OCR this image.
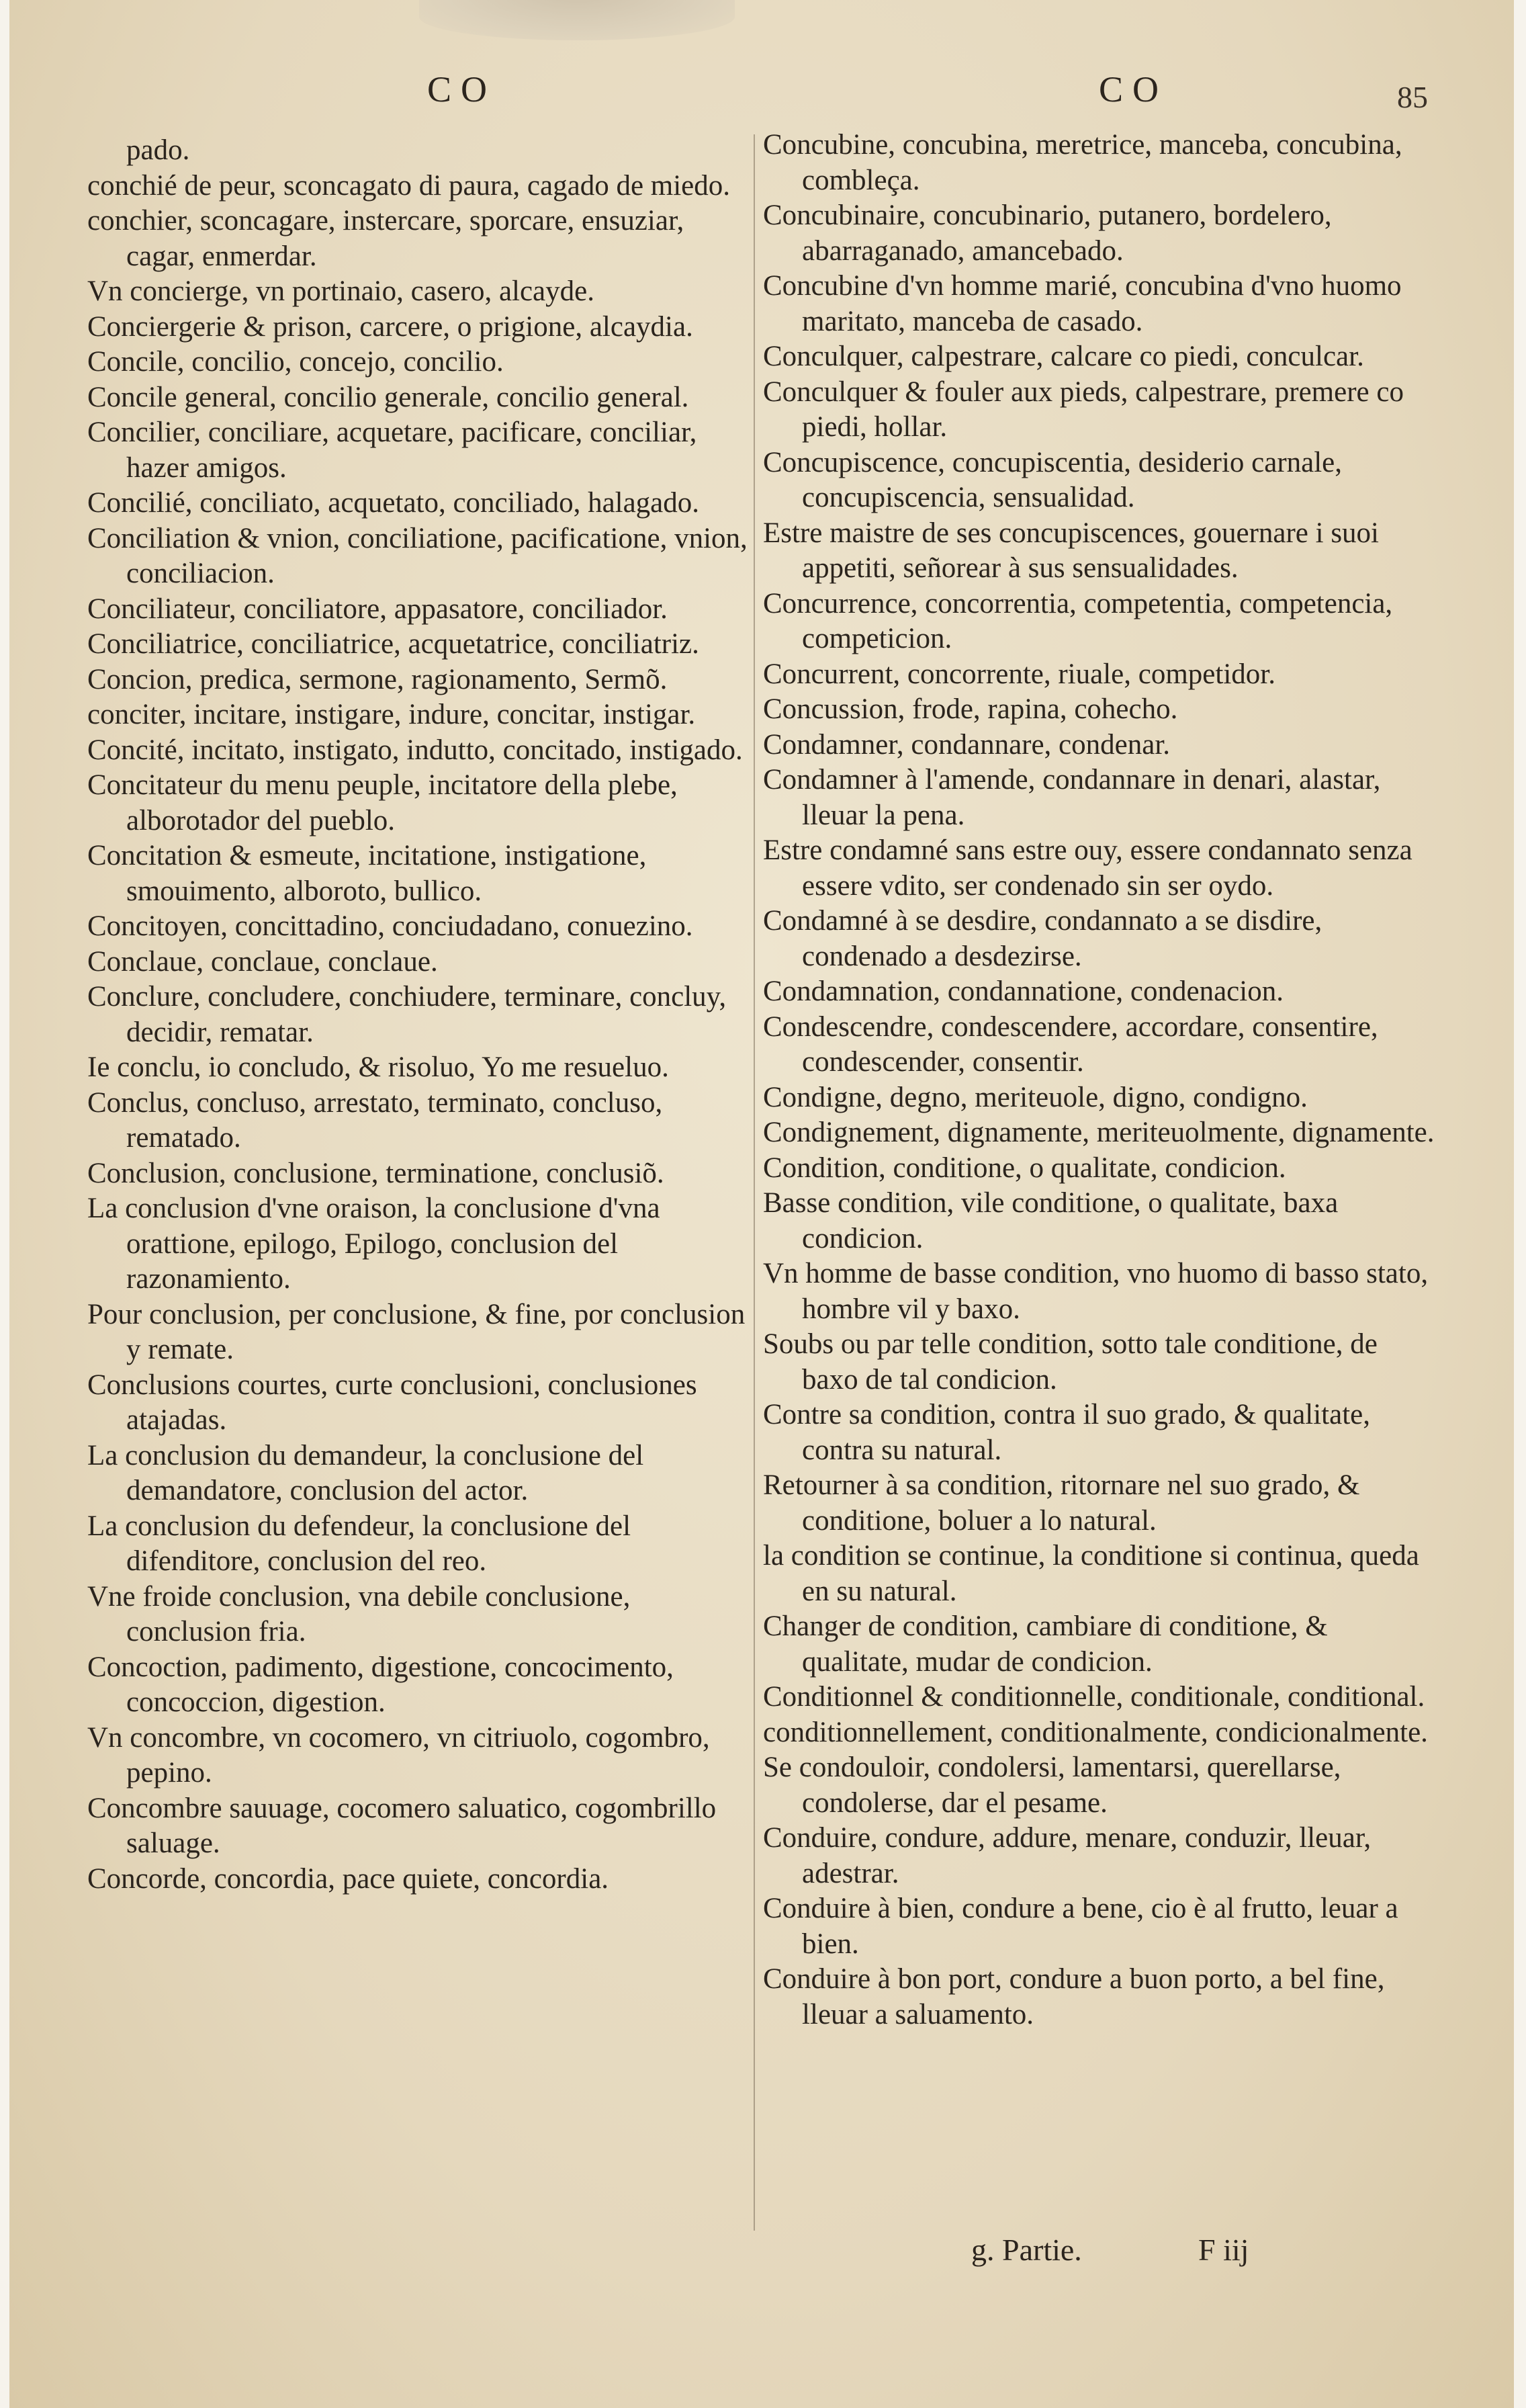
CO	CO	85
pado.
conchié de peur, sconcagato di paura, cagado de miedo.
conchier, sconcagare, instercare, sporcare, ensuziar, cagar, enmerdar.
Vn concierge, vn portinaio, casero, alcayde.
Conciergerie & prison, carcere, o prigione, alcaydia.
Concile, concilio, concejo, concilio.
Concile general, concilio generale, concilio general.
Concilier, conciliare, acquetare, pacificare, conciliar, hazer amigos.
Concilié, conciliato, acquetato, conciliado, halagado.
Conciliation & vnion, conciliatione, pacificatione, vnion, conciliacion.
Conciliateur, conciliatore, appasatore, conciliador.
Conciliatrice, conciliatrice, acquetatrice, conciliatriz.
Concion, predica, sermone, ragionamento, Sermõ.
conciter, incitare, instigare, indure, concitar, instigar.
Concité, incitato, instigato, indutto, concitado, instigado.
Concitateur du menu peuple, incitatore della plebe, alborotador del pueblo.
Concitation & esmeute, incitatione, instigatione, smouimento, alboroto, bullico.
Concitoyen, concittadino, conciudadano, conuezino.
Conclaue, conclaue, conclaue.
Conclure, concludere, conchiudere, terminare, concluy, decidir, rematar.
Ie conclu, io concludo, & risoluo, Yo me resueluo.
Conclus, concluso, arrestato, terminato, concluso, rematado.
Conclusion, conclusione, terminatione, conclusiõ.
La conclusion d'vne oraison, la conclusione d'vna orattione, epilogo, Epilogo, conclusion del razonamiento.
Pour conclusion, per conclusione, & fine, por conclusion y remate.
Conclusions courtes, curte conclusioni, conclusiones atajadas.
La conclusion du demandeur, la conclusione del demandatore, conclusion del actor.
La conclusion du defendeur, la conclusione del difenditore, conclusion del reo.
Vne froide conclusion, vna debile conclusione, conclusion fria.
Concoction, padimento, digestione, concocimento, concoccion, digestion.
Vn concombre, vn cocomero, vn citriuolo, cogombro, pepino.
Concombre sauuage, cocomero saluatico, cogombrillo saluage.
Concorde, concordia, pace quiete, concordia.
Concubine, concubina, meretrice, manceba, concubina, combleça.
Concubinaire, concubinario, putanero, bordelero, abarraganado, amancebado.
Concubine d'vn homme marié, concubina d'vno huomo maritato, manceba de casado.
Conculquer, calpestrare, calcare co piedi, conculcar.
Conculquer & fouler aux pieds, calpestrare, premere co piedi, hollar.
Concupiscence, concupiscentia, desiderio carnale, concupiscencia, sensualidad.
Estre maistre de ses concupiscences, gouernare i suoi appetiti, señorear à sus sensualidades.
Concurrence, concorrentia, competentia, competencia, competicion.
Concurrent, concorrente, riuale, competidor.
Concussion, frode, rapina, cohecho.
Condamner, condannare, condenar.
Condamner à l'amende, condannare in denari, alastar, lleuar la pena.
Estre condamné sans estre ouy, essere condannato senza essere vdito, ser condenado sin ser oydo.
Condamné à se desdire, condannato a se disdire, condenado a desdezirse.
Condamnation, condannatione, condenacion.
Condescendre, condescendere, accordare, consentire, condescender, consentir.
Condigne, degno, meriteuole, digno, condigno.
Condignement, dignamente, meriteuolmente, dignamente.
Condition, conditione, o qualitate, condicion.
Basse condition, vile conditione, o qualitate, baxa condicion.
Vn homme de basse condition, vno huomo di basso stato, hombre vil y baxo.
Soubs ou par telle condition, sotto tale conditione, de baxo de tal condicion.
Contre sa condition, contra il suo grado, & qualitate, contra su natural.
Retourner à sa condition, ritornare nel suo grado, & conditione, boluer a lo natural.
la condition se continue, la conditione si continua, queda en su natural.
Changer de condition, cambiare di conditione, & qualitate, mudar de condicion.
Conditionnel & conditionnelle, conditionale, conditional.
conditionnellement, conditionalmente, condicionalmente.
Se condouloir, condolersi, lamentarsi, querellarse, condolerse, dar el pesame.
Conduire, condure, addure, menare, conduzir, lleuar, adestrar.
Conduire à bien, condure a bene, cio è al frutto, leuar a bien.
Conduire à bon port, condure a buon porto, a bel fine, lleuar a saluamento.
g. Partie.	F iij
